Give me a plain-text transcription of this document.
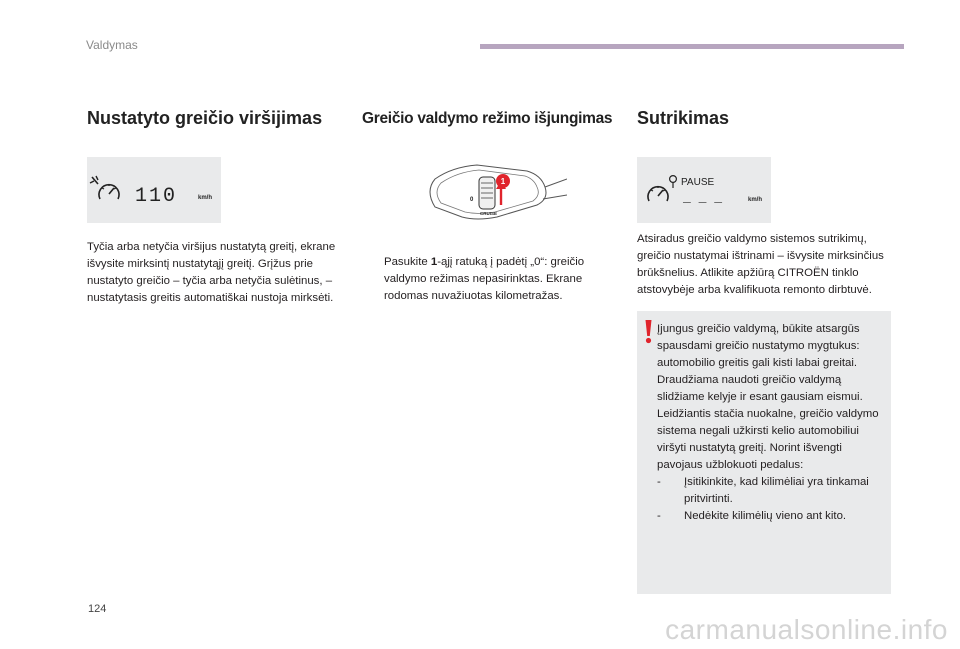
Valdymas
Nustatyto greičio viršijimas
110	km/h

Tyčia arba netyčia viršijus nustatytą greitį, ekrane išvysite mirksintį nustatytąjį greitį. Grįžus prie nustatyto greičio – tyčia arba netyčia sulėtinus, – nustatytasis greitis automatiškai nustoja mirksėti.

Greičio valdymo režimo išjungimas
0
CRUISE
1
Pasukite 1-ąjį ratuką į padėtį „0“: greičio valdymo režimas nepasirinktas. Ekrane rodomas nuvažiuotas kilometražas.
Sutrikimas
PAUSE
_ _ _	km/h

Atsiradus greičio valdymo sistemos sutrikimų, greičio nustatymai ištrinami – išvysite mirksinčius brūkšnelius. Atlikite apžiūrą CITROËN tinklo atstovybėje arba kvalifikuota remonto dirbtuvė.

Įjungus greičio valdymą, būkite atsargūs spausdami greičio nustatymo mygtukus: automobilio greitis gali kisti labai greitai. Draudžiama naudoti greičio valdymą slidžiame kelyje ir esant gausiam eismui. Leidžiantis stačia nuokalne, greičio valdymo sistema negali užkirsti kelio automobiliui viršyti nustatytą greitį. Norint išvengti pavojaus užblokuoti pedalus:
-	Įsitikinkite, kad kilimėliai yra tinkamai pritvirtinti.
-	Nedėkite kilimėlių vieno ant kito.
124
carmanualsonline.info
